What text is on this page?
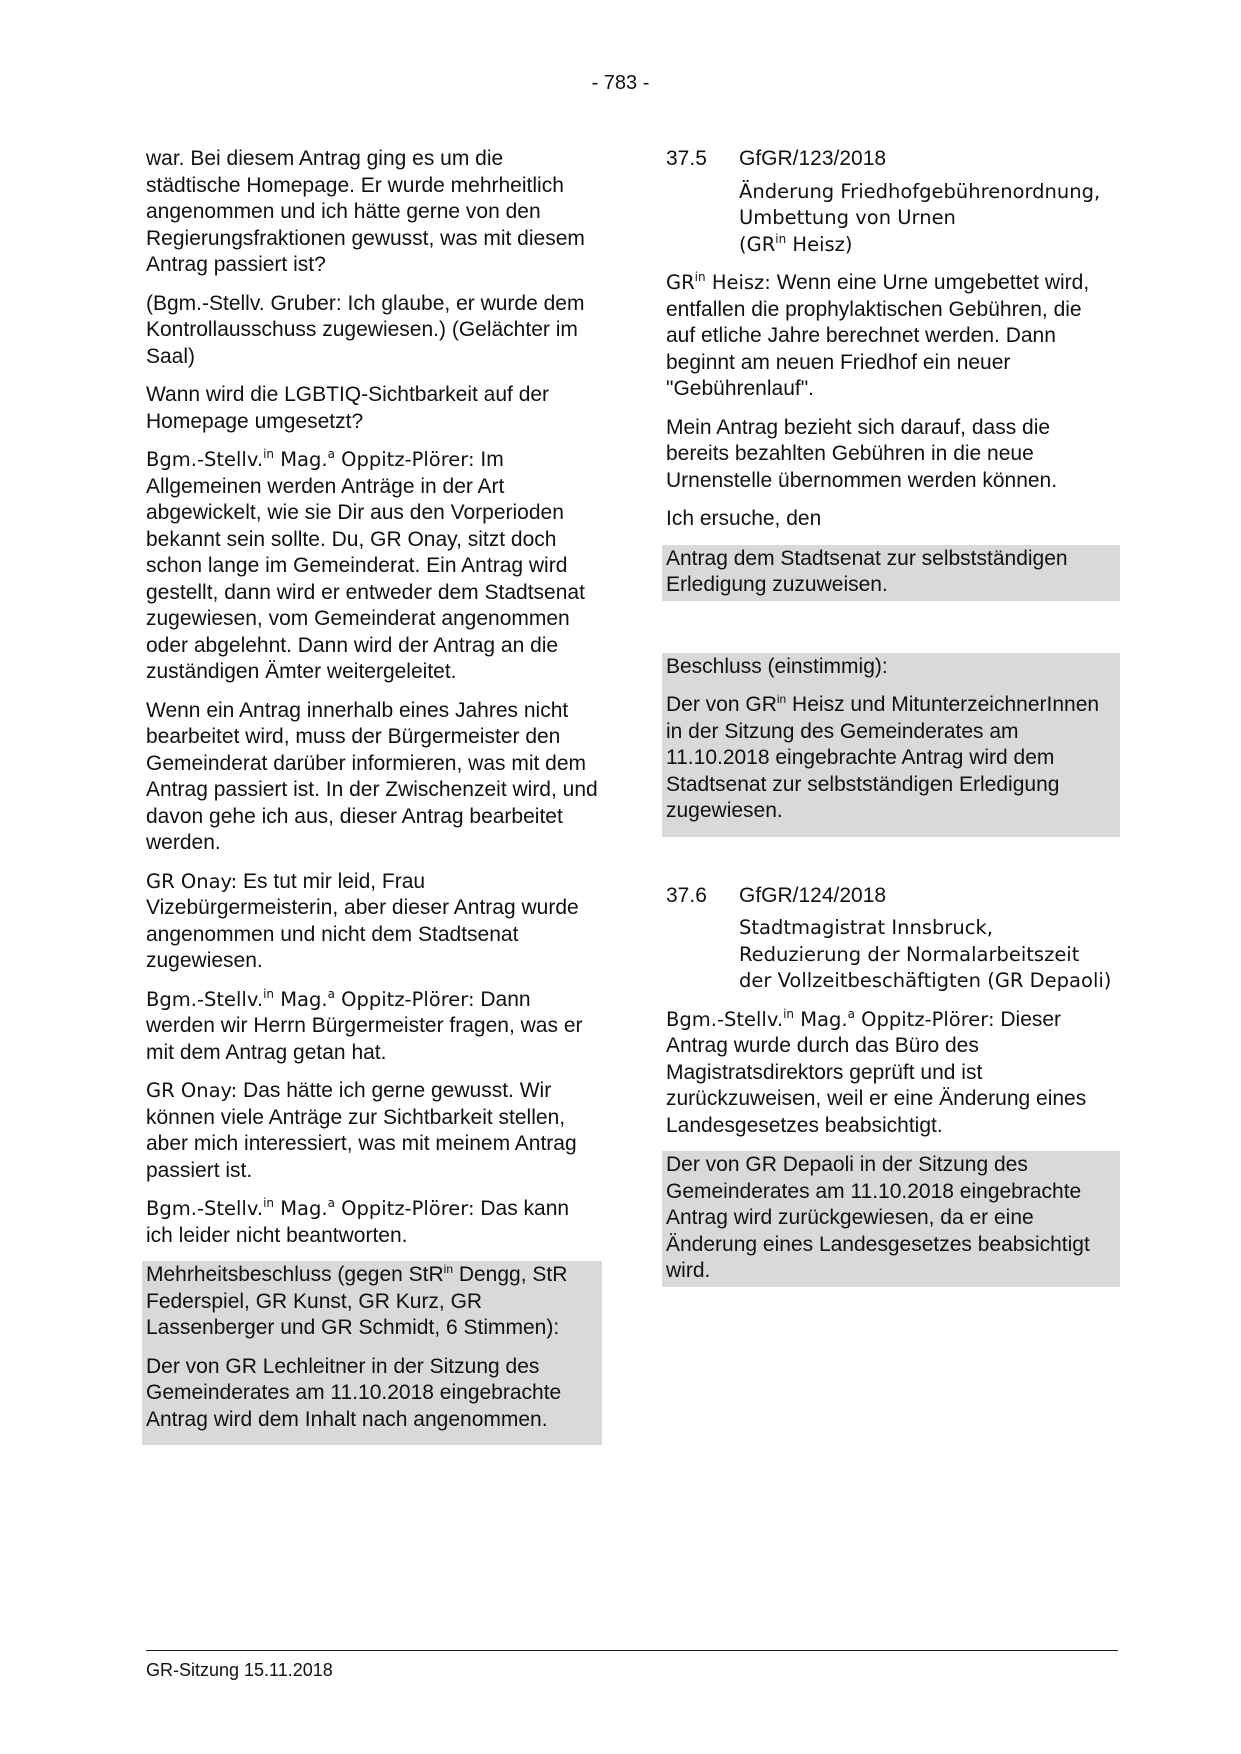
- 783 -

war. Bei diesem Antrag ging es um die städtische Homepage. Er wurde mehrheitlich angenommen und ich hätte gerne von den Regierungsfraktionen gewusst, was mit diesem Antrag passiert ist?

(Bgm.-Stellv. Gruber: Ich glaube, er wurde dem Kontrollausschuss zugewiesen.) (Gelächter im Saal)

Wann wird die LGBTIQ-Sichtbarkeit auf der Homepage umgesetzt?

Bgm.-Stellv.$^{in}$ Mag.$^a$ Oppitz-Plörer: Im Allgemeinen werden Anträge in der Art abgewickelt, wie sie Dir aus den Vorperioden bekannt sein sollte. Du, GR Onay, sitzt doch schon lange im Gemeinderat. Ein Antrag wird gestellt, dann wird er entweder dem Stadtsenat zugewiesen, vom Gemeinderat angenommen oder abgelehnt. Dann wird der Antrag an die zuständigen Ämter weitergeleitet.

Wenn ein Antrag innerhalb eines Jahres nicht bearbeitet wird, muss der Bürgermeister den Gemeinderat darüber informieren, was mit dem Antrag passiert ist. In der Zwischenzeit wird, und davon gehe ich aus, dieser Antrag bearbeitet werden.

GR Onay: Es tut mir leid, Frau Vizebürgermeisterin, aber dieser Antrag wurde angenommen und nicht dem Stadtsenat zugewiesen.

Bgm.-Stellv.$^{in}$ Mag.$^a$ Oppitz-Plörer: Dann werden wir Herrn Bürgermeister fragen, was er mit dem Antrag getan hat.

GR Onay: Das hätte ich gerne gewusst. Wir können viele Anträge zur Sichtbarkeit stellen, aber mich interessiert, was mit meinem Antrag passiert ist.

Bgm.-Stellv.$^{in}$ Mag.$^a$ Oppitz-Plörer: Das kann ich leider nicht beantworten.

Mehrheitsbeschluss (gegen StR$^{in}$ Dengg, StR Federspiel, GR Kunst, GR Kurz, GR Lassenberger und GR Schmidt, 6 Stimmen):

Der von GR Lechleitner in der Sitzung des Gemeinderates am 11.10.2018 eingebrachte Antrag wird dem Inhalt nach angenommen.

37.5	GfGR/123/2018
Änderung Friedhofgebührenordnung, Umbettung von Urnen
($GR^{in}$ Heisz)

$GR^{in}$ Heisz: Wenn eine Urne umgebettet wird, entfallen die prophylaktischen Gebühren, die auf etliche Jahre berechnet werden. Dann beginnt am neuen Friedhof ein neuer "Gebührenlauf".

Mein Antrag bezieht sich darauf, dass die bereits bezahlten Gebühren in die neue Urnenstelle übernommen werden können.

Ich ersuche, den

Antrag dem Stadtsenat zur selbstständigen Erledigung zuzuweisen.

Beschluss (einstimmig):

Der von $GR^{in}$ Heisz und MitunterzeichnerInnen in der Sitzung des Gemeinderates am 11.10.2018 eingebrachte Antrag wird dem Stadtsenat zur selbstständigen Erledigung zugewiesen.

37.6	GfGR/124/2018
Stadtmagistrat Innsbruck, Reduzierung der Normalarbeitszeit der Vollzeitbeschäftigten (GR Depaoli)

Bgm.-Stellv.$^{in}$ Mag.$^a$ Oppitz-Plörer: Dieser Antrag wurde durch das Büro des Magistratsdirektors geprüft und ist zurückzuweisen, weil er eine Änderung eines Landesgesetzes beabsichtigt.

Der von GR Depaoli in der Sitzung des Gemeinderates am 11.10.2018 eingebrachte Antrag wird zurückgewiesen, da er eine Änderung eines Landesgesetzes beabsichtigt wird.

GR-Sitzung 15.11.2018
